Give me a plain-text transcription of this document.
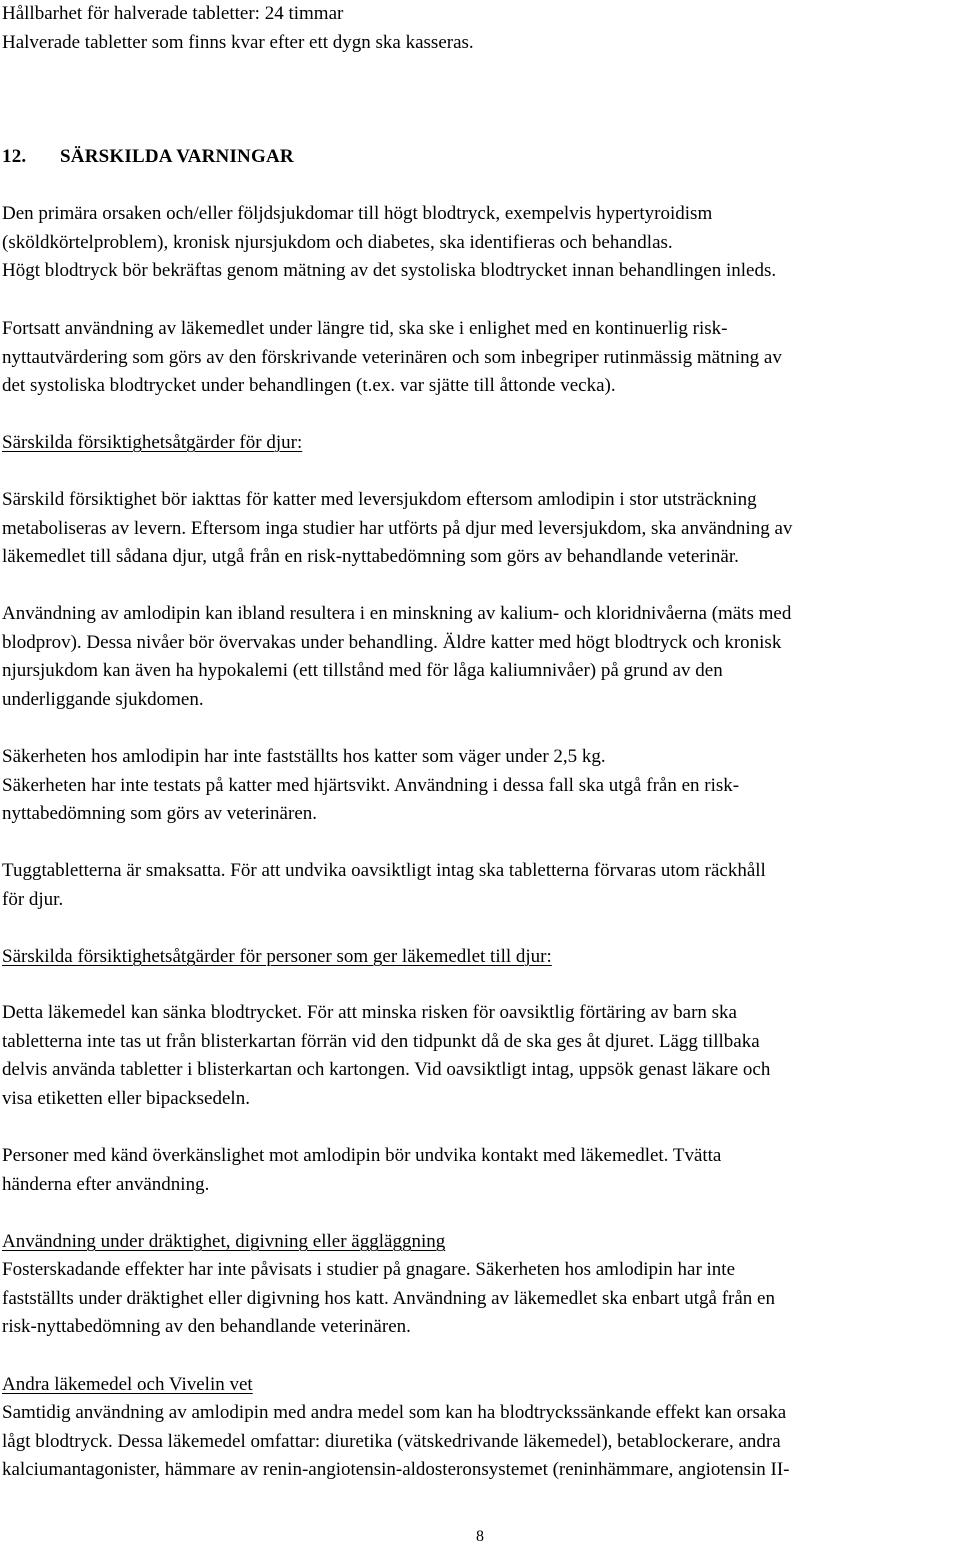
Hållbarhet för halverade tabletter: 24 timmar
Halverade tabletter som finns kvar efter ett dygn ska kasseras.
12. SÄRSKILDA VARNINGAR
Den primära orsaken och/eller följdsjukdomar till högt blodtryck, exempelvis hypertyroidism
(sköldkörtelproblem), kronisk njursjukdom och diabetes, ska identifieras och behandlas.
Högt blodtryck bör bekräftas genom mätning av det systoliska blodtrycket innan behandlingen inleds.
Fortsatt användning av läkemedlet under längre tid, ska ske i enlighet med en kontinuerlig risk-
nyttautvärdering som görs av den förskrivande veterinären och som inbegriper rutinmässig mätning av
det systoliska blodtrycket under behandlingen (t.ex. var sjätte till åttonde vecka).
Särskilda försiktighetsåtgärder för djur:
Särskild försiktighet bör iakttas för katter med leversjukdom eftersom amlodipin i stor utsträckning
metaboliseras av levern. Eftersom inga studier har utförts på djur med leversjukdom, ska användning av
läkemedlet till sådana djur, utgå från en risk-nyttabedömning som görs av behandlande veterinär.
Användning av amlodipin kan ibland resultera i en minskning av kalium- och kloridnivåerna (mäts med
blodprov). Dessa nivåer bör övervakas under behandling. Äldre katter med högt blodtryck och kronisk
njursjukdom kan även ha hypokalemi (ett tillstånd med för låga kaliumnivåer) på grund av den
underliggande sjukdomen.
Säkerheten hos amlodipin har inte fastställts hos katter som väger under 2,5 kg.
Säkerheten har inte testats på katter med hjärtsvikt. Användning i dessa fall ska utgå från en risk-
nyttabedömning som görs av veterinären.
Tuggtabletterna är smaksatta. För att undvika oavsiktligt intag ska tabletterna förvaras utom räckhåll
för djur.
Särskilda försiktighetsåtgärder för personer som ger läkemedlet till djur:
Detta läkemedel kan sänka blodtrycket. För att minska risken för oavsiktlig förtäring av barn ska
tabletterna inte tas ut från blisterkartan förrän vid den tidpunkt då de ska ges åt djuret. Lägg tillbaka
delvis använda tabletter i blisterkartan och kartongen. Vid oavsiktligt intag, uppsök genast läkare och
visa etiketten eller bipacksedeln.
Personer med känd överkänslighet mot amlodipin bör undvika kontakt med läkemedlet. Tvätta
händerna efter användning.
Användning under dräktighet, digivning eller äggläggning
Fosterskadande effekter har inte påvisats i studier på gnagare. Säkerheten hos amlodipin har inte
fastställts under dräktighet eller digivning hos katt. Användning av läkemedlet ska enbart utgå från en
risk-nyttabedömning av den behandlande veterinären.
Andra läkemedel och Vivelin vet
Samtidig användning av amlodipin med andra medel som kan ha blodtryckssänkande effekt kan orsaka
lågt blodtryck. Dessa läkemedel omfattar: diuretika (vätskedrivande läkemedel), betablockerare, andra
kalciumantagonister, hämmare av renin-angiotensin-aldosteronsystemet (reninhämmare, angiotensin II-
8
